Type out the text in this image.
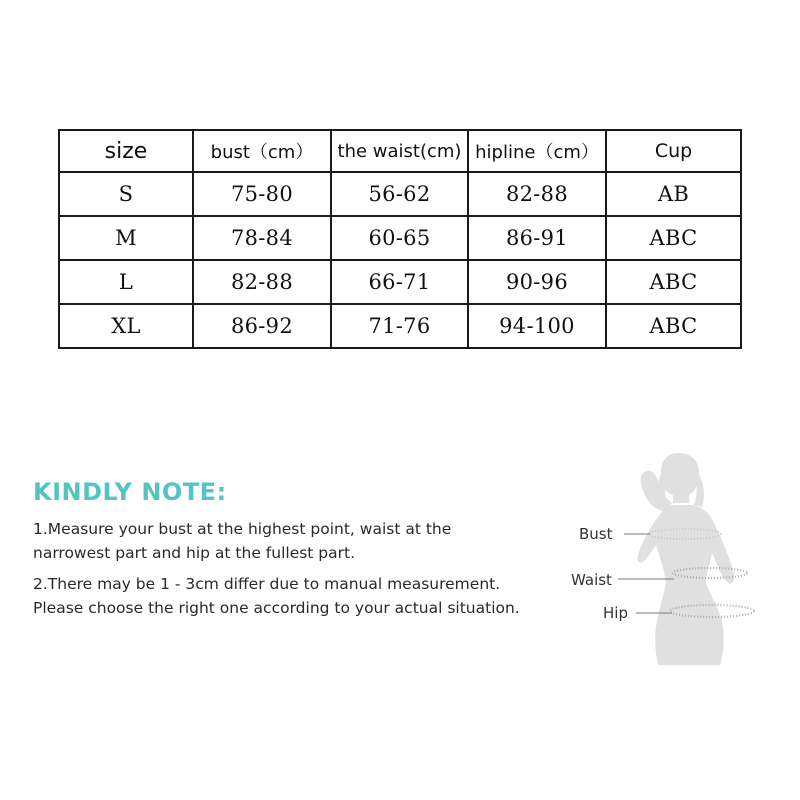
size	bust（cm）	the waist(cm)	hipline（cm）	Cup
S	75-80	56-62	82-88	AB
M	78-84	60-65	86-91	ABC
L	82-88	66-71	90-96	ABC
XL	86-92	71-76	94-100	ABC
KINDLY NOTE:

1.Measure your bust at the highest point, waist at the

narrowest part and hip at the fullest part.

2.There may be 1 - 3cm differ due to manual measurement.

Please choose the right one according to your actual situation.

Bust
Waist
Hip
